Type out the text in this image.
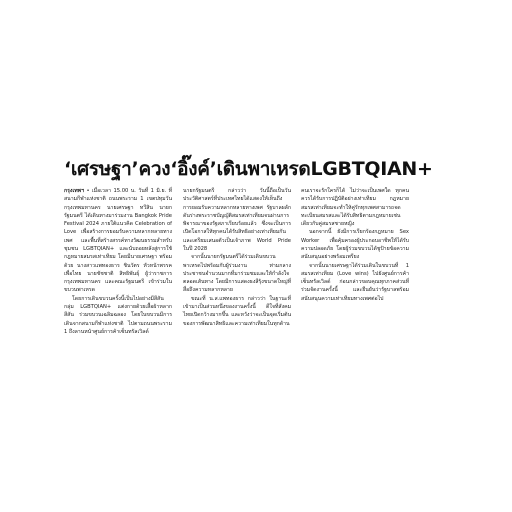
‘เศรษฐา’ควง‘อิ๊งค์’เดินพาเหรดLGBTQIAN+

กรุงเทพฯ • เมื่อเวลา 15.00 น. วันที่ 1 มิ.ย. ที่สนามกีฬาแห่งชาติ ถนนพระราม 1 เขตปทุมวัน กรุงเทพมหานคร นายเศรษฐา ทวีสิน นายกรัฐมนตรี ได้เดินทางมาร่วมงาน Bangkok Pride Festival 2024 ภายใต้แนวคิด Celebration of Love เพื่อสร้างการยอมรับความหลากหลายทางเพศ และพื้นที่สร้างสรรค์ทางวัฒนธรรมสำหรับชุมชน LGBTQIAN+ และนับถอยหลังสู่การใช้กฎหมายสมรสเท่าเทียม โดยมีนายเศรษฐา พร้อมด้วย นางสาวแพทองธาร ชินวัตร หัวหน้าพรรคเพื่อไทย นายชัชชาติ สิทธิพันธุ์ ผู้ว่าราชการกรุงเทพมหานคร และคณะรัฐมนตรี เข้าร่วมในขบวนพาเหรด

โดยการเดินขบวนครั้งนี้เป็นไปอย่างมีสีสัน กลุ่ม LGBTQIAN+ แต่งกายด้วยเสื้อผ้าหลากสีสัน ร่วมขบวนเฉลิมฉลอง โดยในขบวนมีการเดินจากสนามกีฬาแห่งชาติ ไปตามถนนพระราม 1 ถึงลานหน้าศูนย์การค้าเซ็นทรัลเวิลด์

นายกรัฐมนตรี กล่าวว่า วันนี้ถือเป็นวันประวัติศาสตร์ที่ประเทศไทยได้แสดงให้เห็นถึงการยอมรับความหลากหลายทางเพศ รัฐบาลผลักดันร่างพระราชบัญญัติสมรสเท่าเทียมจนผ่านการพิจารณาของรัฐสภาเรียบร้อยแล้ว ซึ่งจะเป็นการเปิดโอกาสให้ทุกคนได้รับสิทธิอย่างเท่าเทียมกัน และเตรียมเสนอตัวเป็นเจ้าภาพ World Pride ในปี 2028

จากนั้นนายกรัฐมนตรีได้ร่วมเดินขบวนพาเหรดไปพร้อมกับผู้ร่วมงาน ท่ามกลางประชาชนจำนวนมากที่มาร่วมชมและให้กำลังใจตลอดเส้นทาง โดยมีการแสดงธงสีรุ้งขนาดใหญ่ที่สื่อถึงความหลากหลาย

ขณะที่ น.ส.แพทองธาร กล่าวว่า ในฐานะที่เข้ามาเป็นส่วนหนึ่งของงานครั้งนี้ ดีใจที่สังคมไทยเปิดกว้างมากขึ้น และหวังว่าจะเป็นจุดเริ่มต้นของการพัฒนาสิทธิและความเท่าเทียมในทุกด้าน

คนเราจะรักใครก็ได้ ไม่ว่าจะเป็นเพศใด ทุกคนควรได้รับการปฏิบัติอย่างเท่าเทียม กฎหมายสมรสเท่าเทียมจะทำให้คู่รักทุกเพศสามารถจดทะเบียนสมรสและได้รับสิทธิตามกฎหมายเช่นเดียวกับคู่สมรสชายหญิง

นอกจากนี้ ยังมีการเรียกร้องกฎหมาย Sex Worker เพื่อคุ้มครองผู้ประกอบอาชีพให้ได้รับความปลอดภัย โดยผู้ร่วมขบวนได้ชูป้ายข้อความสนับสนุนอย่างพร้อมเพรียง

จากนั้นนายเศรษฐาได้ร่วมเดินในขบวนที่ 1 สมรสเท่าเทียม (Love wins) ไปยังศูนย์การค้าเซ็นทรัลเวิลด์ ก่อนกล่าวขอบคุณทุกภาคส่วนที่ร่วมจัดงานครั้งนี้ และยืนยันว่ารัฐบาลพร้อมสนับสนุนความเท่าเทียมทางเพศต่อไป
